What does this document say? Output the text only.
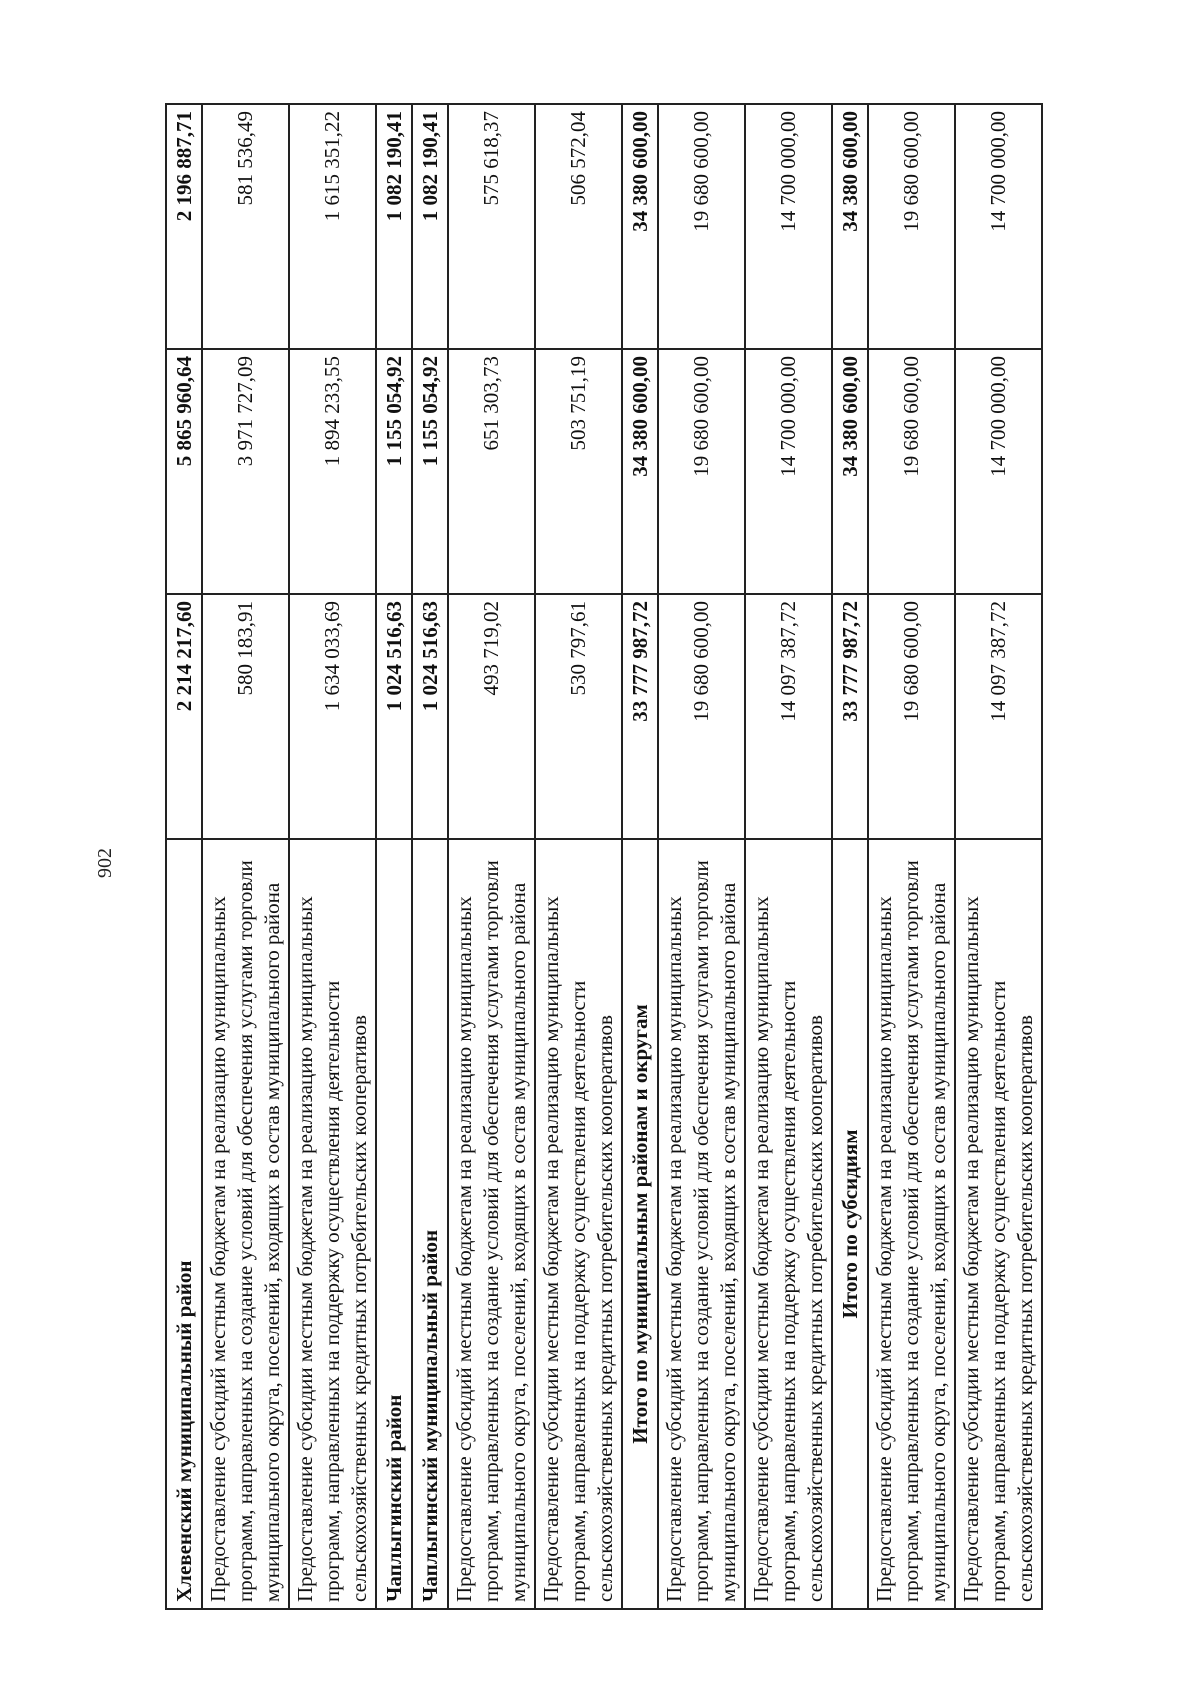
902
Хлевенский муниципальный район	2 214 217,60	5 865 960,64	2 196 887,71
Предоставление субсидий местным бюджетам на реализацию муниципальных программ, направленных на создание условий для обеспечения услугами торговли муниципального округа, поселений, входящих в состав муниципального района	580 183,91	3 971 727,09	581 536,49
Предоставление субсидии местным бюджетам на реализацию муниципальных программ, направленных на поддержку осуществления деятельности сельскохозяйственных кредитных потребительских кооперативов	1 634 033,69	1 894 233,55	1 615 351,22
Чаплыгинский район	1 024 516,63	1 155 054,92	1 082 190,41
Чаплыгинский муниципальный район	1 024 516,63	1 155 054,92	1 082 190,41
Предоставление субсидий местным бюджетам на реализацию муниципальных программ, направленных на создание условий для обеспечения услугами торговли муниципального округа, поселений, входящих в состав муниципального района	493 719,02	651 303,73	575 618,37
Предоставление субсидии местным бюджетам на реализацию муниципальных программ, направленных на поддержку осуществления деятельности сельскохозяйственных кредитных потребительских кооперативов	530 797,61	503 751,19	506 572,04
Итого по муниципальным районам и округам	33 777 987,72	34 380 600,00	34 380 600,00
Предоставление субсидий местным бюджетам на реализацию муниципальных программ, направленных на создание условий для обеспечения услугами торговли муниципального округа, поселений, входящих в состав муниципального района	19 680 600,00	19 680 600,00	19 680 600,00
Предоставление субсидии местным бюджетам на реализацию муниципальных программ, направленных на поддержку осуществления деятельности сельскохозяйственных кредитных потребительских кооперативов	14 097 387,72	14 700 000,00	14 700 000,00
Итого по субсидиям	33 777 987,72	34 380 600,00	34 380 600,00
Предоставление субсидий местным бюджетам на реализацию муниципальных программ, направленных на создание условий для обеспечения услугами торговли муниципального округа, поселений, входящих в состав муниципального района	19 680 600,00	19 680 600,00	19 680 600,00
Предоставление субсидии местным бюджетам на реализацию муниципальных программ, направленных на поддержку осуществления деятельности сельскохозяйственных кредитных потребительских кооперативов	14 097 387,72	14 700 000,00	14 700 000,00
